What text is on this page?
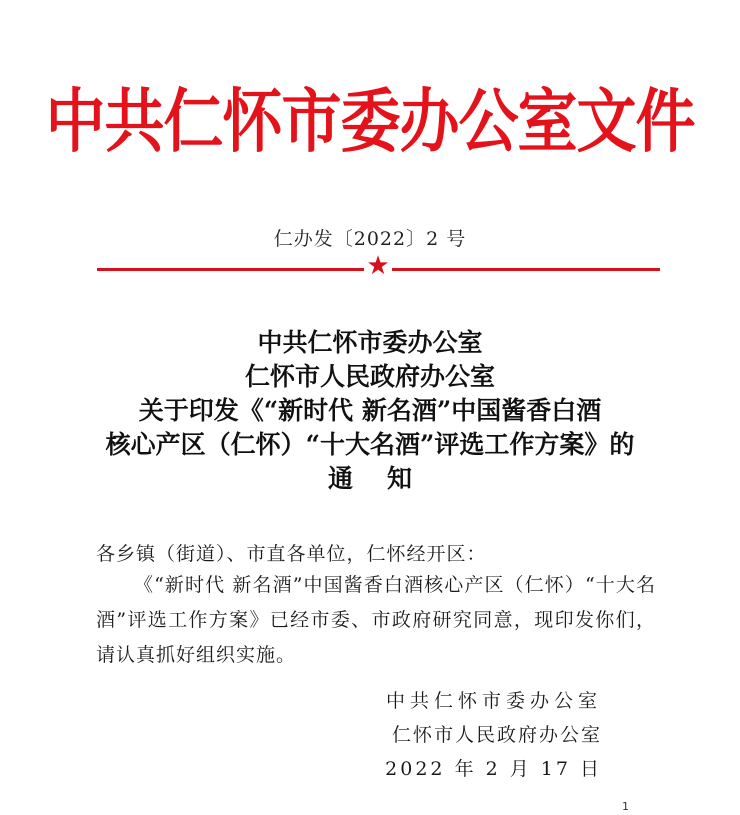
中共仁怀市委办公室文件
仁办发〔2022〕2 号
★
中共仁怀市委办公室
仁怀市人民政府办公室
关于印发《“新时代 新名酒”中国酱香白酒
核心产区（仁怀）“十大名酒”评选工作方案》的
通知
各乡镇（街道）、市直各单位，仁怀经开区：
《“新时代 新名酒”中国酱香白酒核心产区（仁怀）“十大名酒”评选工作方案》已经市委、市政府研究同意，现印发你们，请认真抓好组织实施。
中共仁怀市委办公室
仁怀市人民政府办公室
2022 年 2 月 17 日
1
